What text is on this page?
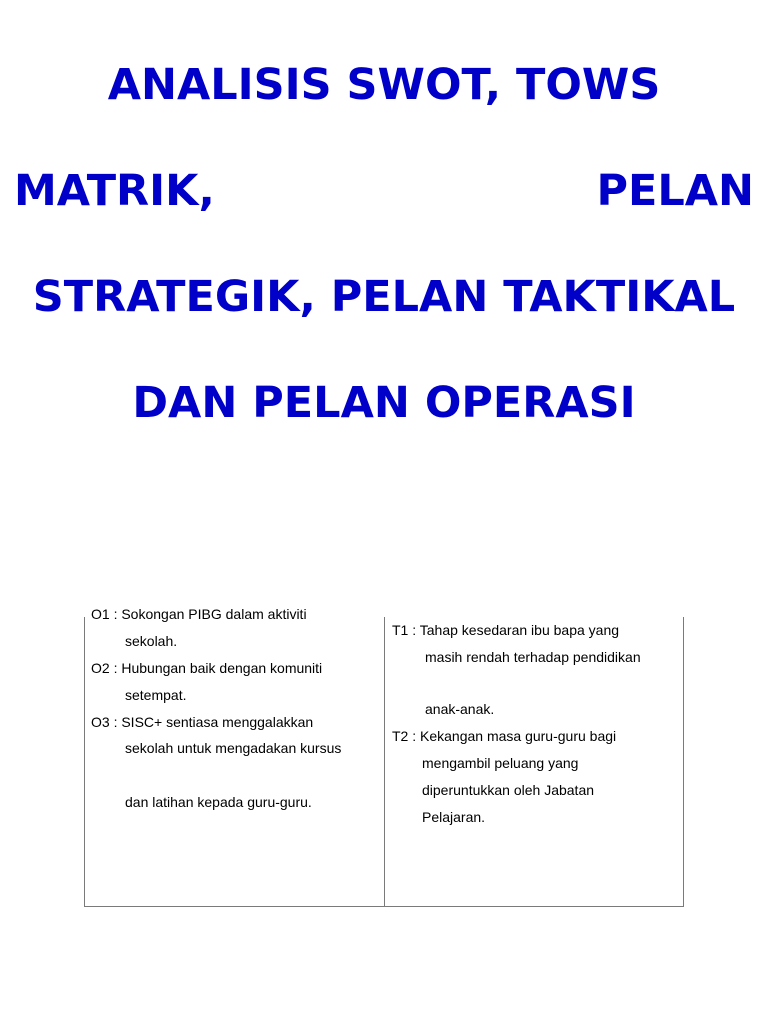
ANALISIS SWOT, TOWS

MATRIK,	PELAN

STRATEGIK, PELAN TAKTIKAL

DAN PELAN OPERASI

O1 : Sokongan PIBG dalam aktiviti
sekolah.
O2 : Hubungan baik dengan komuniti
setempat.
O3 : SISC+ sentiasa menggalakkan
sekolah untuk mengadakan kursus
dan latihan kepada guru-guru.
T1 : Tahap kesedaran ibu bapa yang
masih rendah terhadap pendidikan
anak-anak.
T2 : Kekangan masa guru-guru bagi
mengambil peluang yang
diperuntukkan oleh Jabatan
Pelajaran.
